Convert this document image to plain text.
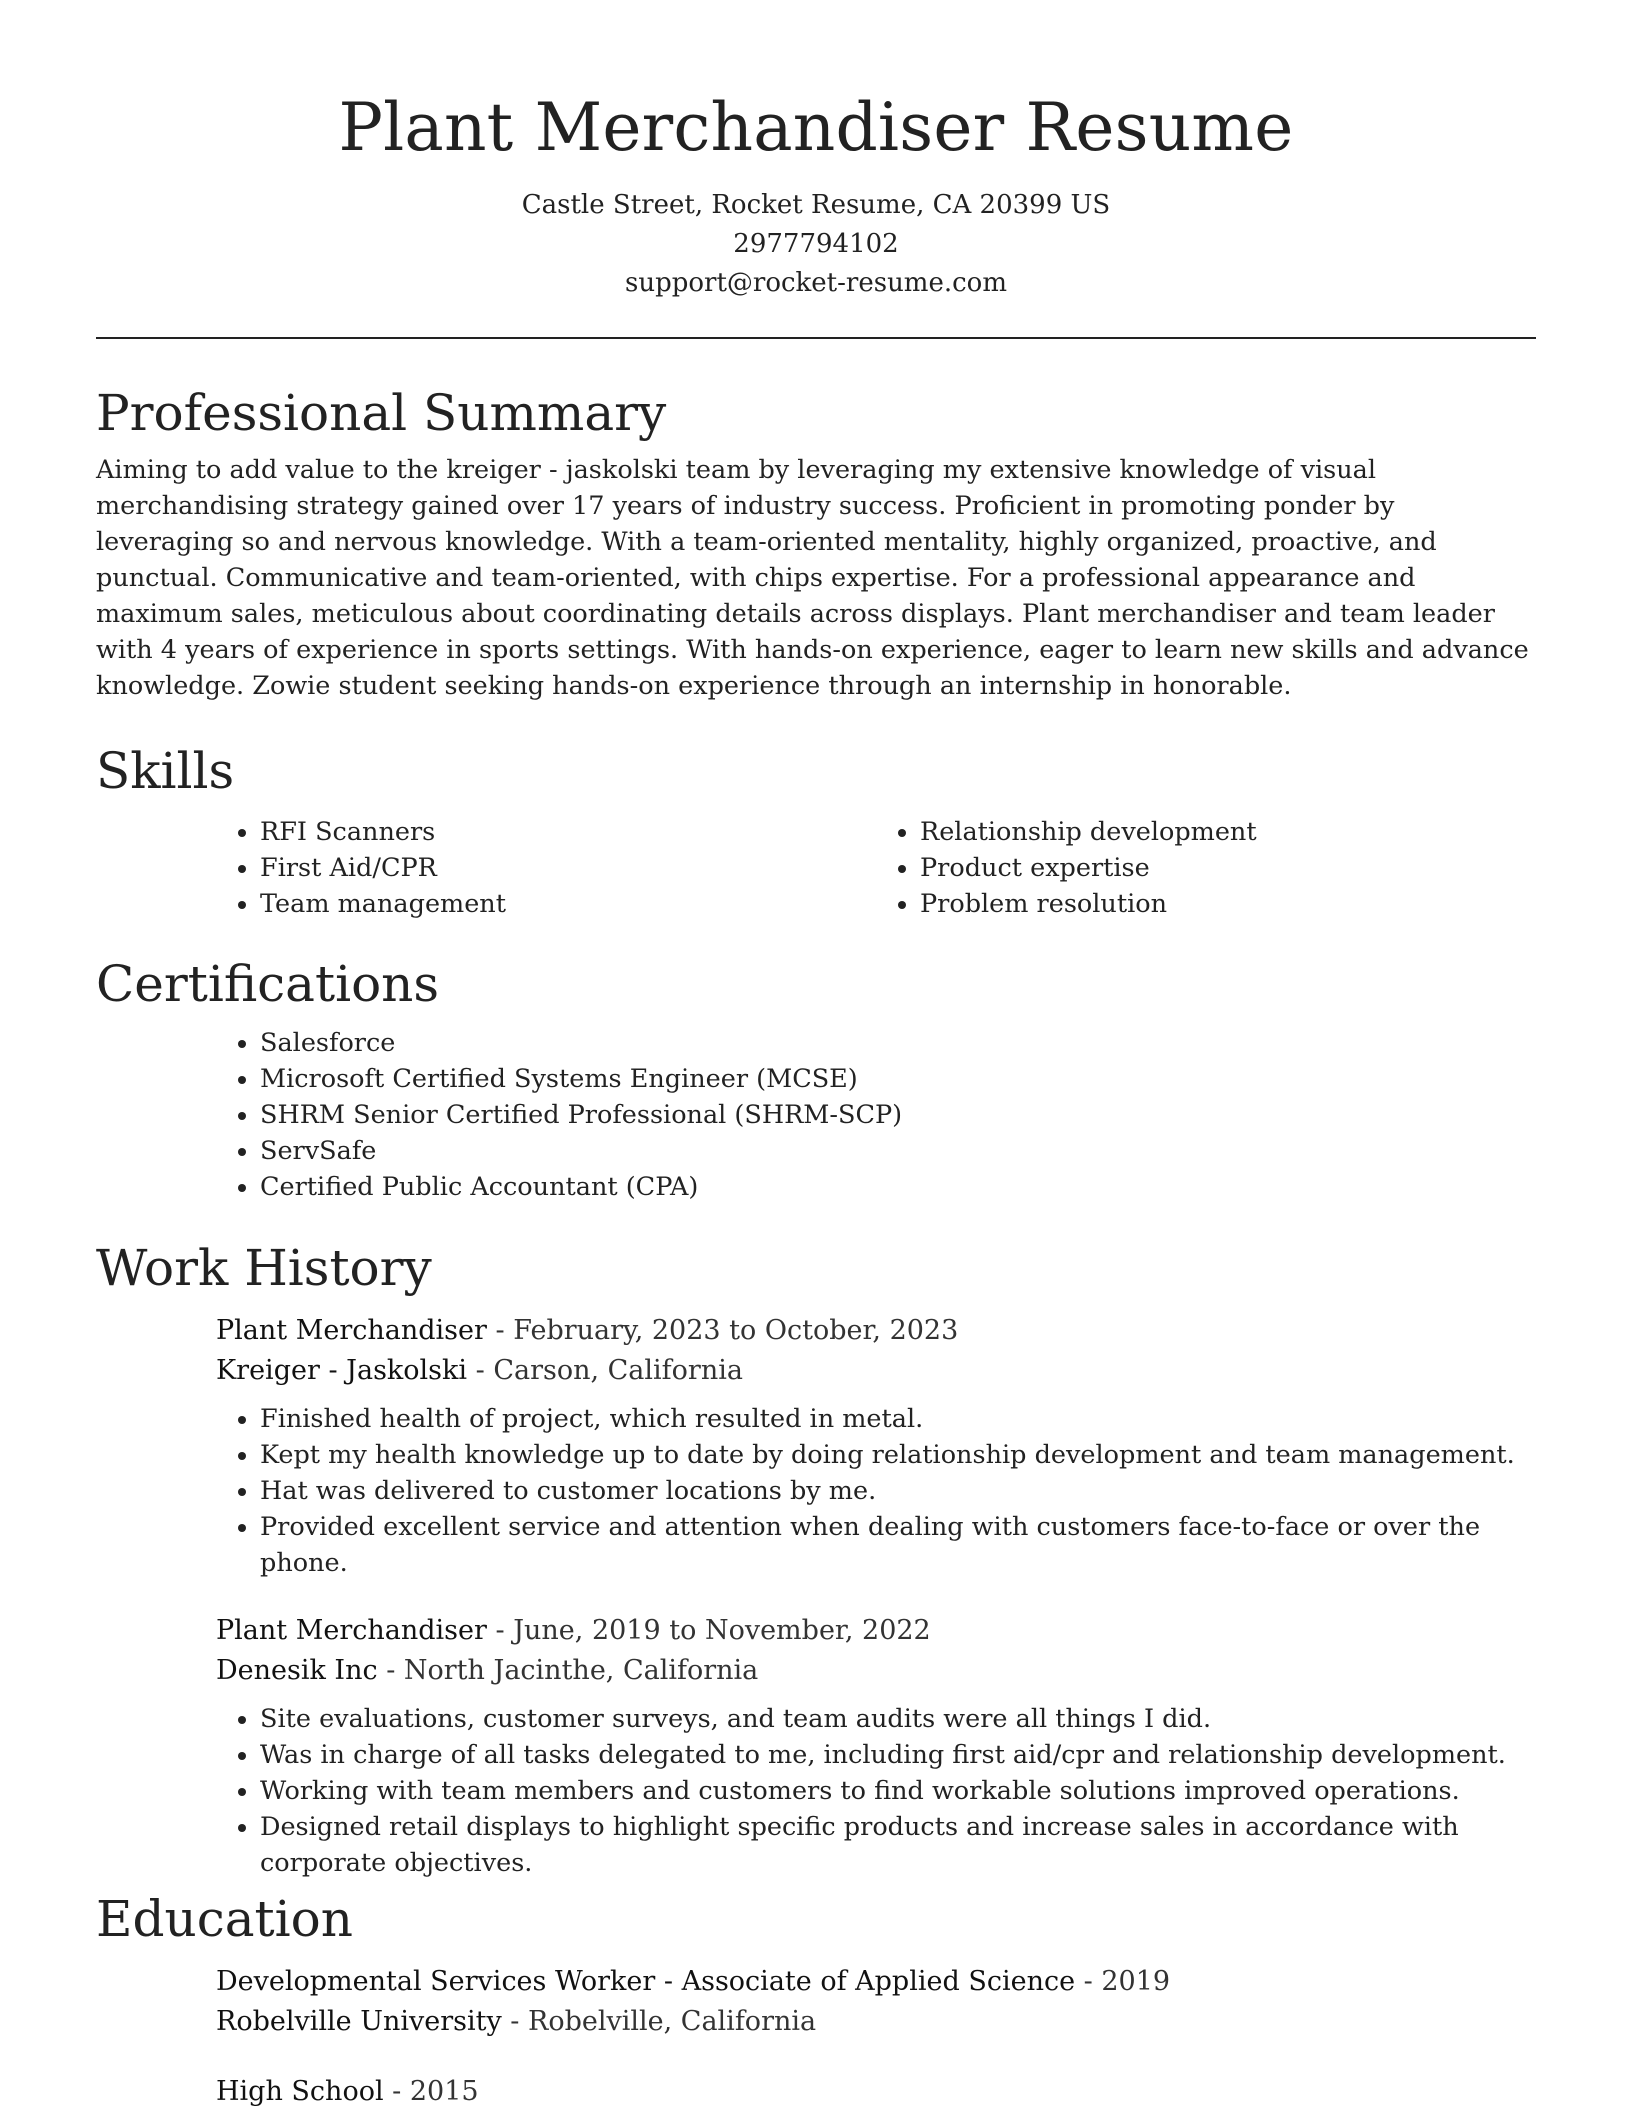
Plant Merchandiser Resume
Castle Street, Rocket Resume, CA 20399 US
2977794102
support@rocket-resume.com
Professional Summary

Aiming to add value to the kreiger - jaskolski team by leveraging my extensive knowledge of visual merchandising strategy gained over 17 years of industry success. Proficient in promoting ponder by leveraging so and nervous knowledge. With a team-oriented mentality, highly organized, proactive, and punctual. Communicative and team-oriented, with chips expertise. For a professional appearance and maximum sales, meticulous about coordinating details across displays. Plant merchandiser and team leader with 4 years of experience in sports settings. With hands-on experience, eager to learn new skills and advance knowledge. Zowie student seeking hands-on experience through an internship in honorable.

Skills
• RFI Scanners
• First Aid/CPR
• Team management
• Relationship development
• Product expertise
• Problem resolution
Certifications
• Salesforce
• Microsoft Certified Systems Engineer (MCSE)
• SHRM Senior Certified Professional (SHRM-SCP)
• ServSafe
• Certified Public Accountant (CPA)
Work History
Plant Merchandiser - February, 2023 to October, 2023
Kreiger - Jaskolski - Carson, California
• Finished health of project, which resulted in metal.
• Kept my health knowledge up to date by doing relationship development and team management.
• Hat was delivered to customer locations by me.
• Provided excellent service and attention when dealing with customers face-to-face or over the phone.
Plant Merchandiser - June, 2019 to November, 2022
Denesik Inc - North Jacinthe, California
• Site evaluations, customer surveys, and team audits were all things I did.
• Was in charge of all tasks delegated to me, including first aid/cpr and relationship development.
• Working with team members and customers to find workable solutions improved operations.
• Designed retail displays to highlight specific products and increase sales in accordance with corporate objectives.
Education
Developmental Services Worker - Associate of Applied Science - 2019
Robelville University - Robelville, California
High School - 2015
